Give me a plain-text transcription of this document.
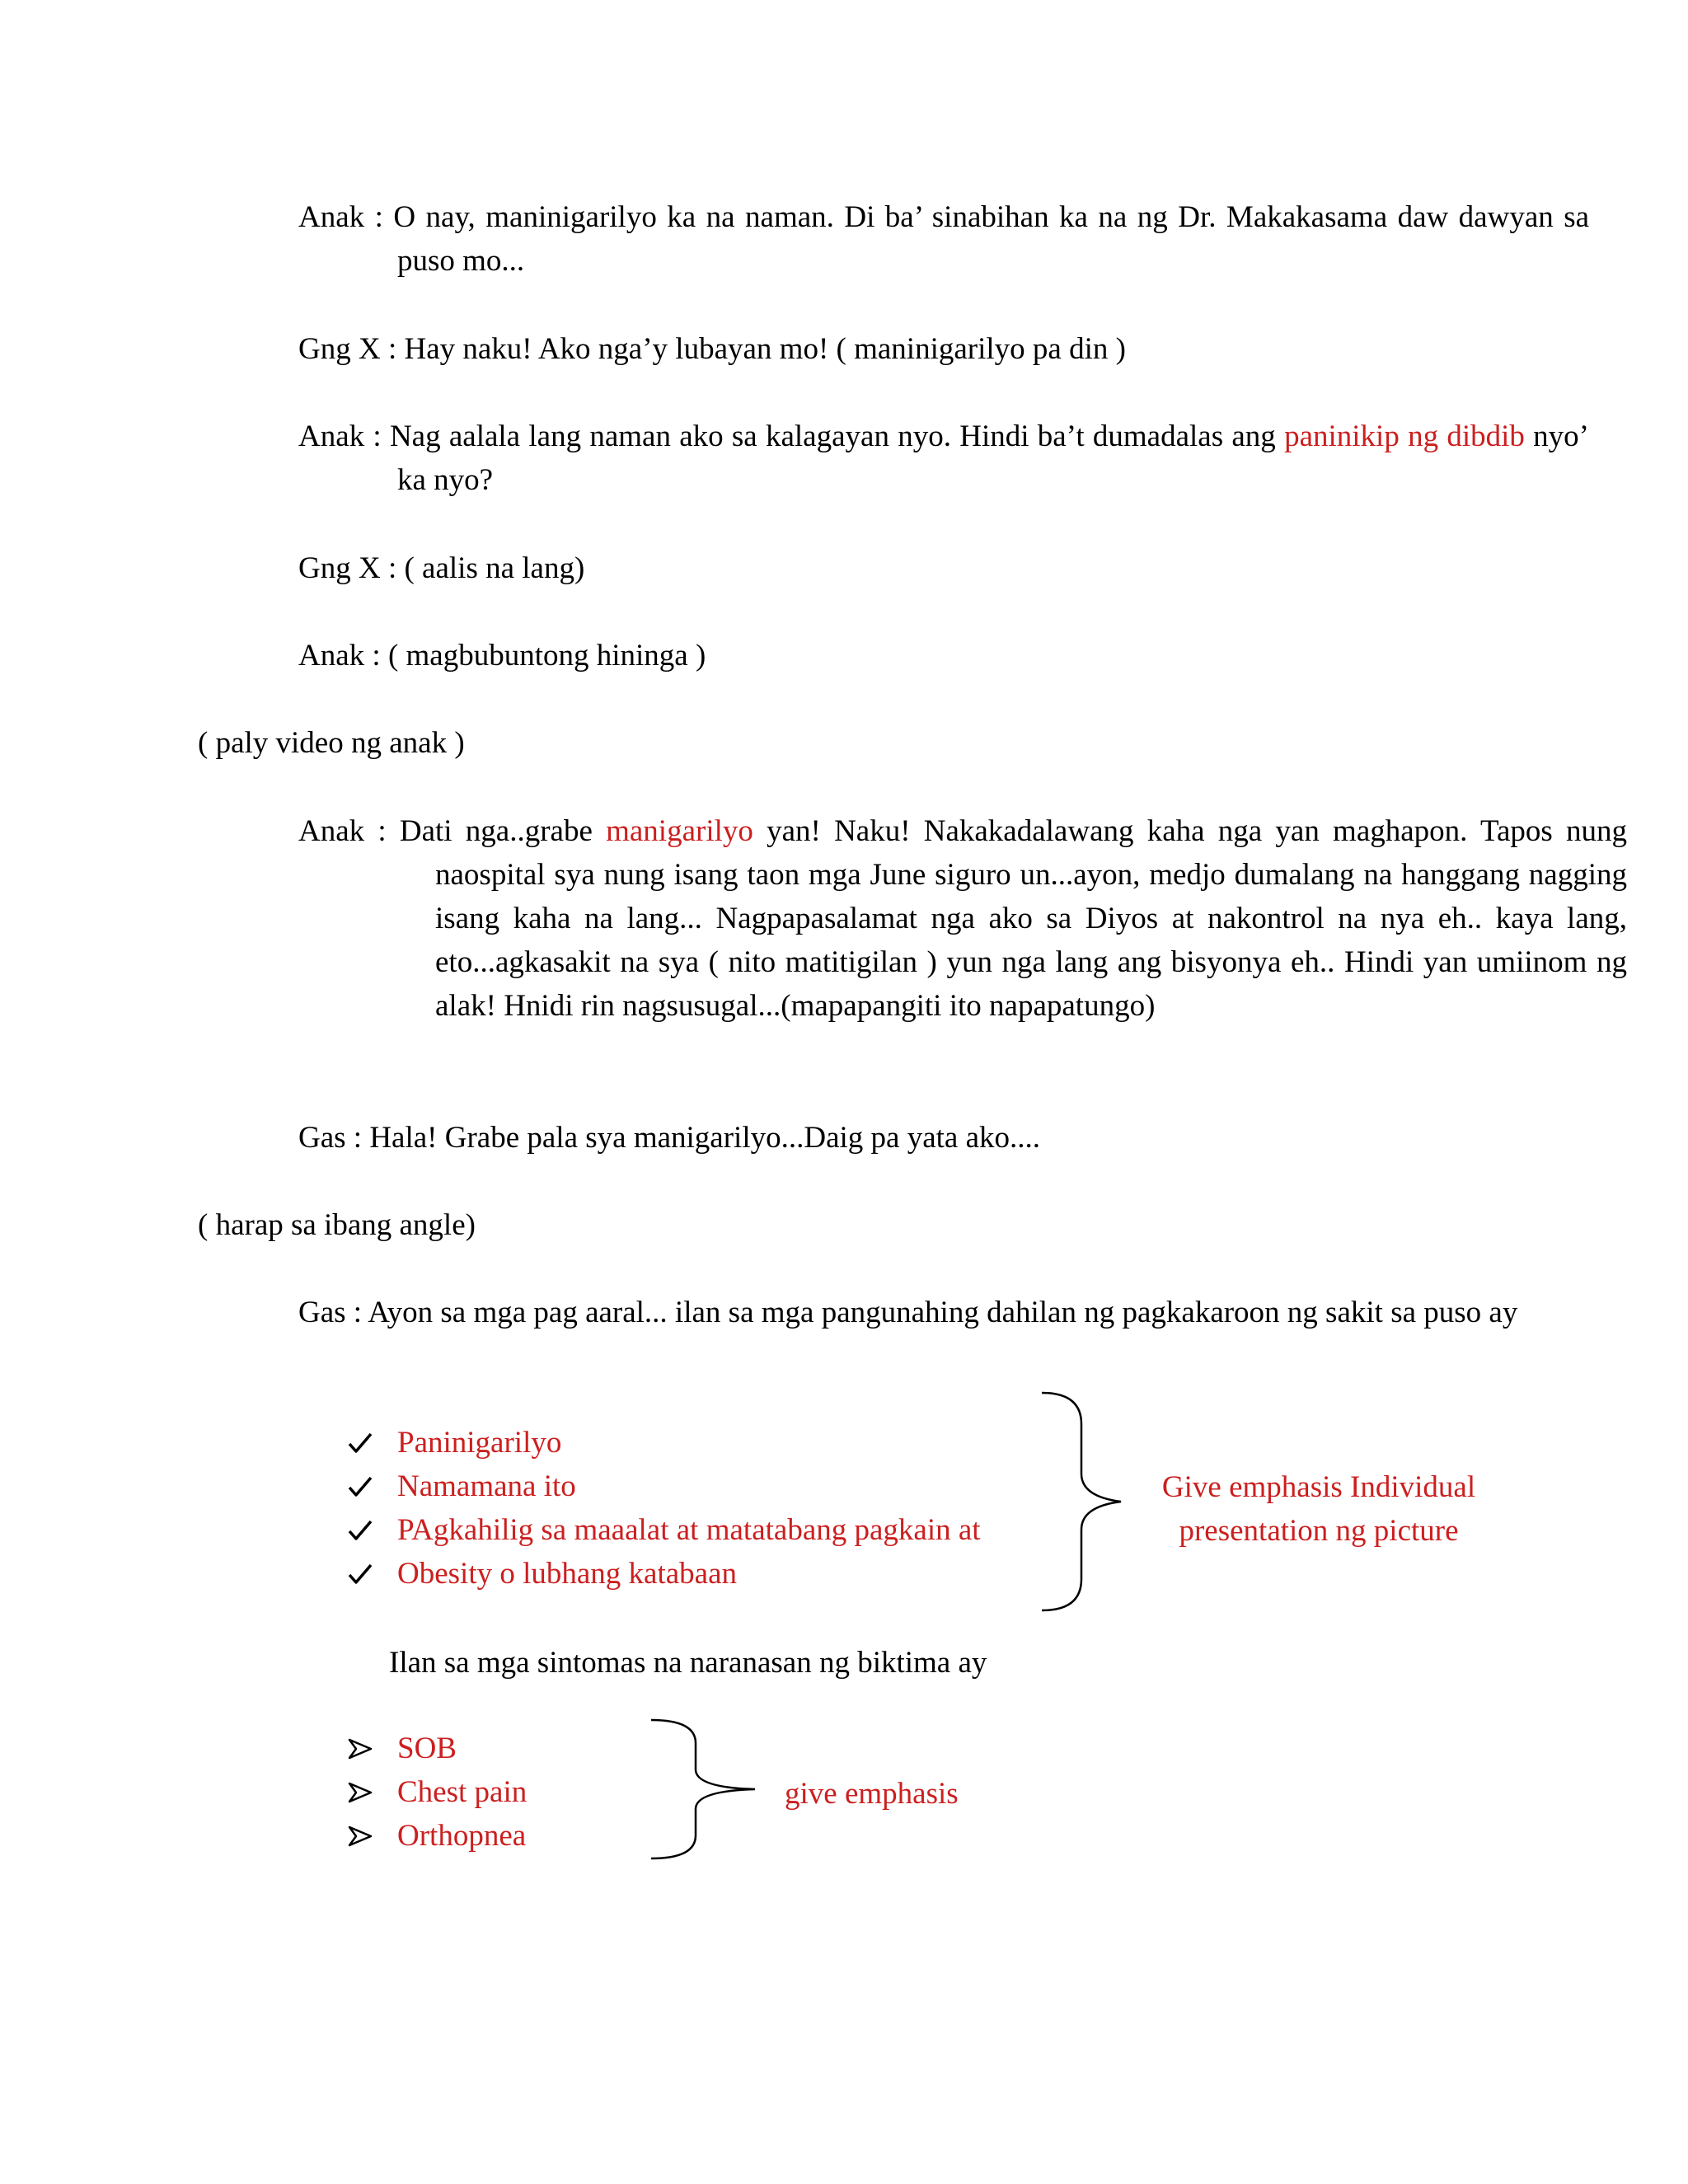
Anak : O nay, maninigarilyo ka na naman. Di ba’ sinabihan ka na ng Dr. Makakasama daw dawyan sa puso mo...
Gng X : Hay naku! Ako nga’y lubayan mo! ( maninigarilyo pa din )
Anak : Nag aalala lang naman ako sa kalagayan nyo. Hindi ba’t dumadalas ang paninikip ng dibdib nyo’ ka nyo?
Gng X : ( aalis na lang)
Anak : ( magbubuntong hininga )
( paly video ng anak )
Anak : Dati nga..grabe manigarilyo yan! Naku! Nakakadalawang kaha nga yan maghapon. Tapos nung naospital sya nung isang taon mga June siguro un...ayon, medjo dumalang na hanggang nagging isang kaha na lang... Nagpapasalamat nga ako sa Diyos at nakontrol na nya eh.. kaya lang, eto...agkasakit na sya ( nito matitigilan ) yun nga lang ang bisyonya eh.. Hindi yan umiinom ng alak! Hnidi rin nagsusugal...(mapapangiti ito napapatungo)
Gas : Hala! Grabe pala sya manigarilyo...Daig pa yata ako....
( harap sa ibang angle)
Gas : Ayon sa mga pag aaral... ilan sa mga pangunahing dahilan ng pagkakaroon ng sakit sa puso ay
Paninigarilyo
Namamana ito
PAgkahilig sa maaalat at matatabang pagkain at
Obesity o lubhang katabaan
Give emphasis Individual
presentation ng picture
Ilan sa mga sintomas na naranasan ng biktima ay
SOB
Chest pain
Orthopnea
give emphasis
